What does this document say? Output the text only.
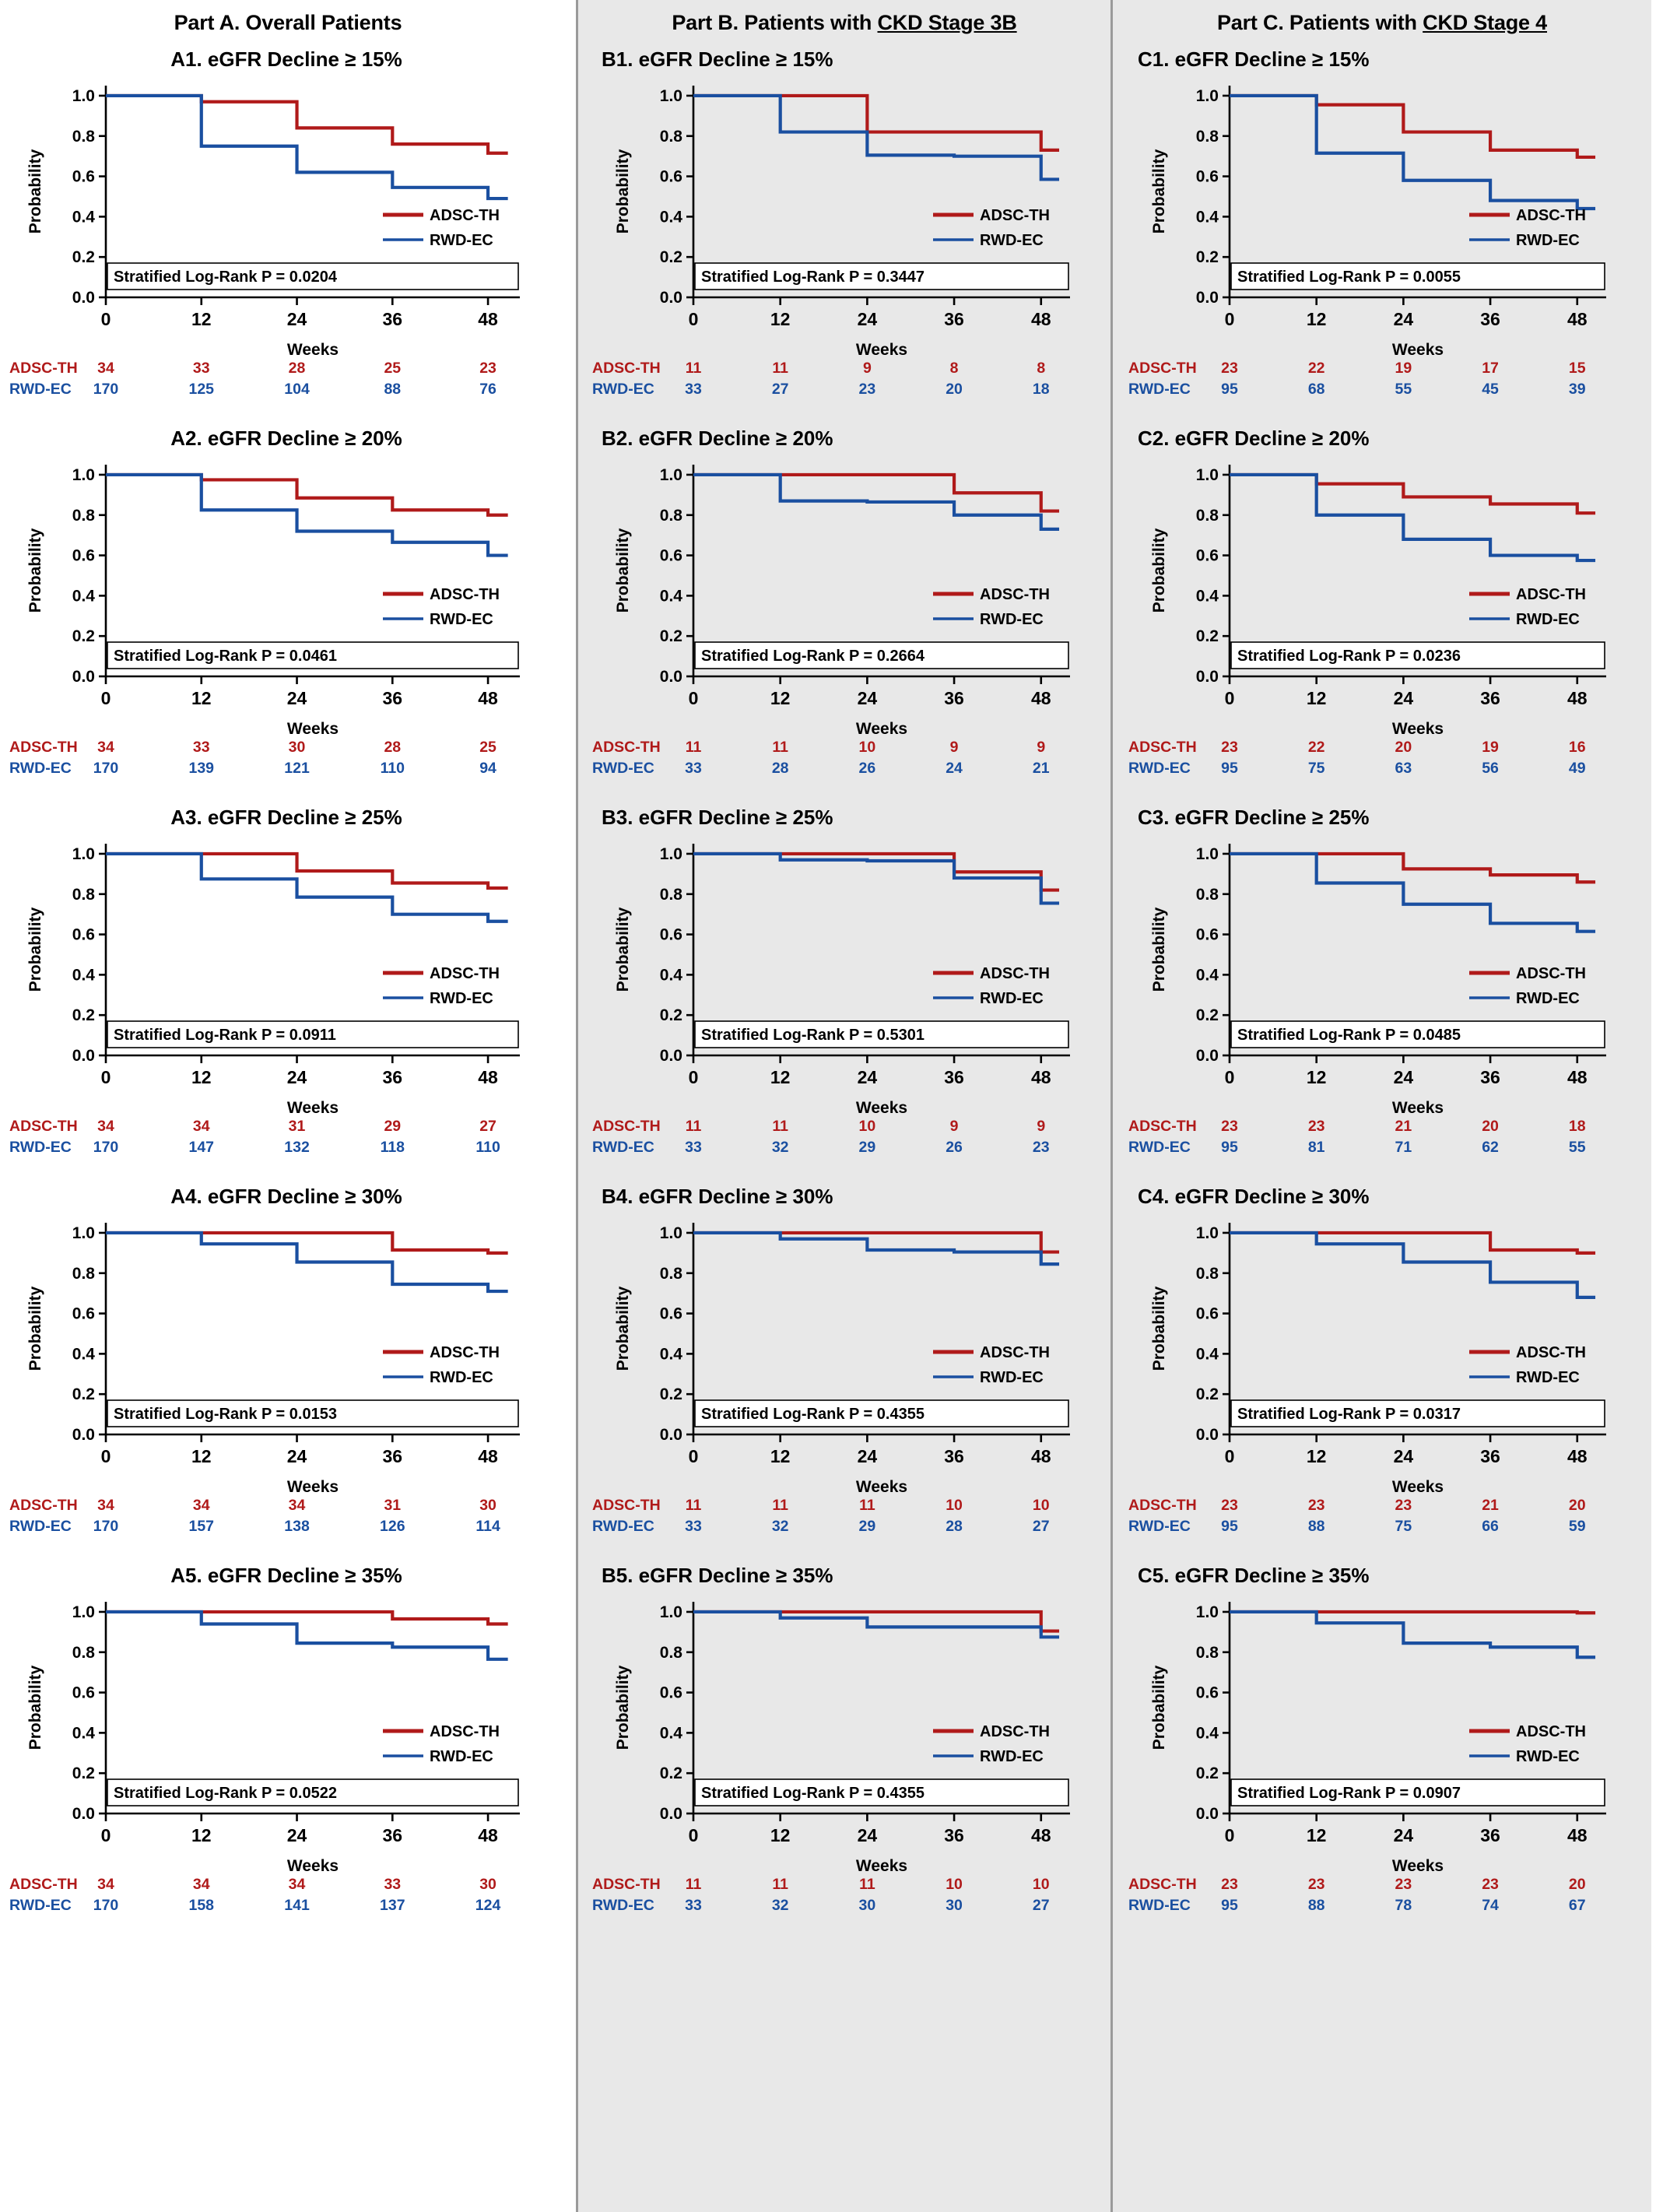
Part A. Overall Patients
A1. eGFR Decline ≥ 15%
0.0
0.2
0.4
0.6
0.8
1.0
0	12	24	36	48
Probability
Stratified Log-Rank P = 0.0204
ADSC-TH
RWD-EC
Weeks
ADSC-TH 34	33	28	25	23
RWD-EC 170	125	104	88	76
A2. eGFR Decline ≥ 20%
0.0
0.2
0.4
0.6
0.8
1.0
0	12	24	36	48
Probability
Stratified Log-Rank P = 0.0461
ADSC-TH
RWD-EC
Weeks
ADSC-TH 34	33	30	28	25
RWD-EC 170	139	121	110	94
A3. eGFR Decline ≥ 25%
0.0
0.2
0.4
0.6
0.8
1.0
0	12	24	36	48
Probability
Stratified Log-Rank P = 0.0911
ADSC-TH
RWD-EC
Weeks
ADSC-TH 34	34	31	29	27
RWD-EC 170	147	132	118	110
A4. eGFR Decline ≥ 30%
0.0
0.2
0.4
0.6
0.8
1.0
0	12	24	36	48
Probability
Stratified Log-Rank P = 0.0153
ADSC-TH
RWD-EC
Weeks
ADSC-TH 34	34	34	31	30
RWD-EC 170	157	138	126	114
A5. eGFR Decline ≥ 35%
0.0
0.2
0.4
0.6
0.8
1.0
0	12	24	36	48
Probability
Stratified Log-Rank P = 0.0522
ADSC-TH
RWD-EC
Weeks
ADSC-TH 34	34	34	33	30
RWD-EC 170	158	141	137	124
Part B. Patients with CKD Stage 3B
B1. eGFR Decline ≥ 15%
0.0
0.2
0.4
0.6
0.8
1.0
0	12	24	36	48
Probability
Stratified Log-Rank P = 0.3447
ADSC-TH
RWD-EC
Weeks
ADSC-TH 11	11	9	8	8
RWD-EC 33	27	23	20	18
B2. eGFR Decline ≥ 20%
0.0
0.2
0.4
0.6
0.8
1.0
0	12	24	36	48
Probability
Stratified Log-Rank P = 0.2664
ADSC-TH
RWD-EC
Weeks
ADSC-TH 11	11	10	9	9
RWD-EC 33	28	26	24	21
B3. eGFR Decline ≥ 25%
0.0
0.2
0.4
0.6
0.8
1.0
0	12	24	36	48
Probability
Stratified Log-Rank P = 0.5301
ADSC-TH
RWD-EC
Weeks
ADSC-TH 11	11	10	9	9
RWD-EC 33	32	29	26	23
B4. eGFR Decline ≥ 30%
0.0
0.2
0.4
0.6
0.8
1.0
0	12	24	36	48
Probability
Stratified Log-Rank P = 0.4355
ADSC-TH
RWD-EC
Weeks
ADSC-TH 11	11	11	10	10
RWD-EC 33	32	29	28	27
B5. eGFR Decline ≥ 35%
0.0
0.2
0.4
0.6
0.8
1.0
0	12	24	36	48
Probability
Stratified Log-Rank P = 0.4355
ADSC-TH
RWD-EC
Weeks
ADSC-TH 11	11	11	10	10
RWD-EC 33	32	30	30	27
Part C. Patients with CKD Stage 4
C1. eGFR Decline ≥ 15%
0.0
0.2
0.4
0.6
0.8
1.0
0	12	24	36	48
Probability
Stratified Log-Rank P = 0.0055
ADSC-TH
RWD-EC
Weeks
ADSC-TH 23	22	19	17	15
RWD-EC 95	68	55	45	39
C2. eGFR Decline ≥ 20%
0.0
0.2
0.4
0.6
0.8
1.0
0	12	24	36	48
Probability
Stratified Log-Rank P = 0.0236
ADSC-TH
RWD-EC
Weeks
ADSC-TH 23	22	20	19	16
RWD-EC 95	75	63	56	49
C3. eGFR Decline ≥ 25%
0.0
0.2
0.4
0.6
0.8
1.0
0	12	24	36	48
Probability
Stratified Log-Rank P = 0.0485
ADSC-TH
RWD-EC
Weeks
ADSC-TH 23	23	21	20	18
RWD-EC 95	81	71	62	55
C4. eGFR Decline ≥ 30%
0.0
0.2
0.4
0.6
0.8
1.0
0	12	24	36	48
Probability
Stratified Log-Rank P = 0.0317
ADSC-TH
RWD-EC
Weeks
ADSC-TH 23	23	23	21	20
RWD-EC 95	88	75	66	59
C5. eGFR Decline ≥ 35%
0.0
0.2
0.4
0.6
0.8
1.0
0	12	24	36	48
Probability
Stratified Log-Rank P = 0.0907
ADSC-TH
RWD-EC
Weeks
ADSC-TH 23	23	23	23	20
RWD-EC 95	88	78	74	67
